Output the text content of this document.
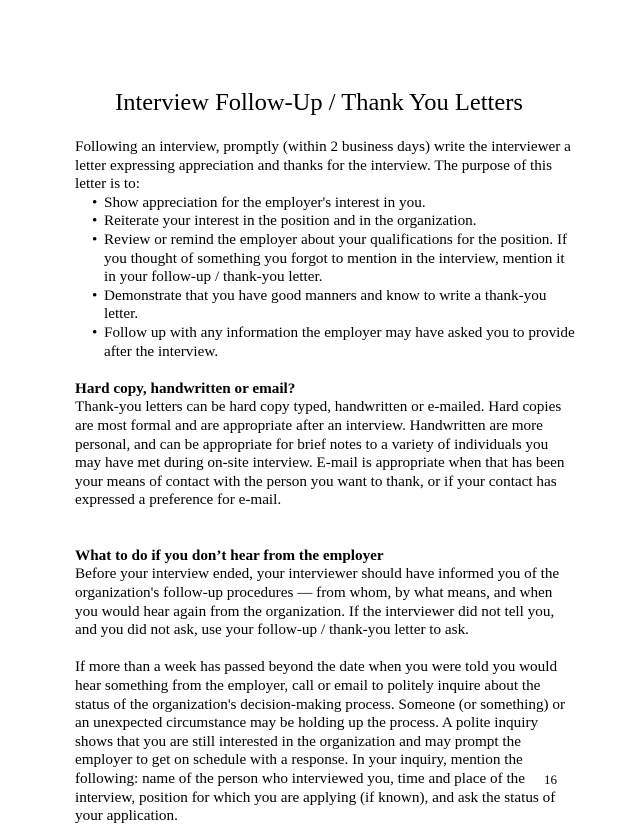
Interview Follow-Up / Thank You Letters

Following an interview, promptly (within 2 business days) write the interviewer a letter expressing appreciation and thanks for the interview. The purpose of this letter is to:

• Show appreciation for the employer's interest in you.
• Reiterate your interest in the position and in the organization.
• Review or remind the employer about your qualifications for the position. If you thought of something you forgot to mention in the interview, mention it in your follow-up / thank-you letter.
• Demonstrate that you have good manners and know to write a thank-you letter.
• Follow up with any information the employer may have asked you to provide after the interview.

Hard copy, handwritten or email?

Thank-you letters can be hard copy typed, handwritten or e-mailed. Hard copies are most formal and are appropriate after an interview. Handwritten are more personal, and can be appropriate for brief notes to a variety of individuals you may have met during on-site interview. E-mail is appropriate when that has been your means of contact with the person you want to thank, or if your contact has expressed a preference for e-mail.

What to do if you don’t hear from the employer

Before your interview ended, your interviewer should have informed you of the organization's follow-up procedures — from whom, by what means, and when you would hear again from the organization. If the interviewer did not tell you, and you did not ask, use your follow-up / thank-you letter to ask.

If more than a week has passed beyond the date when you were told you would hear something from the employer, call or email to politely inquire about the status of the organization's decision-making process. Someone (or something) or an unexpected circumstance may be holding up the process. A polite inquiry shows that you are still interested in the organization and may prompt the employer to get on schedule with a response. In your inquiry, mention the following: name of the person who interviewed you, time and place of the interview, position for which you are applying (if known), and ask the status of your application.

16
